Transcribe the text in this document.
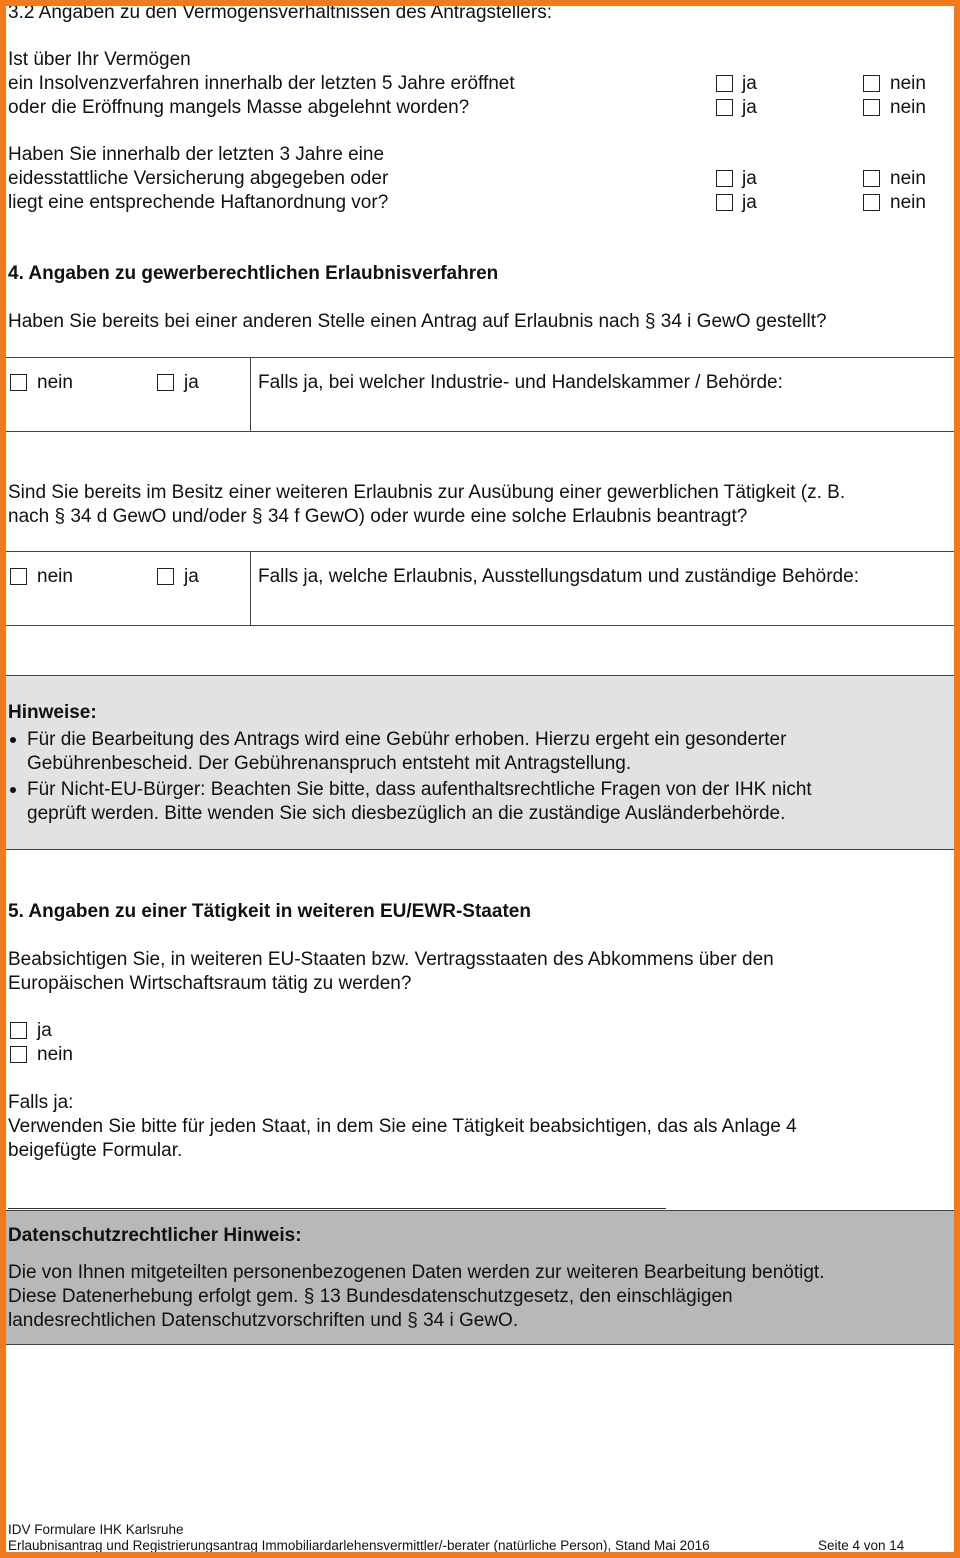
3.2 Angaben zu den Vermögensverhältnissen des Antragstellers:
Ist über Ihr Vermögen
ein Insolvenzverfahren innerhalb der letzten 5 Jahre eröffnet
oder die Eröffnung mangels Masse abgelehnt worden?
ja	nein
ja	nein
Haben Sie innerhalb der letzten 3 Jahre eine
eidesstattliche Versicherung abgegeben oder
liegt eine entsprechende Haftanordnung vor?
ja	nein
ja	nein
4. Angaben zu gewerberechtlichen Erlaubnisverfahren
Haben Sie bereits bei einer anderen Stelle einen Antrag auf Erlaubnis nach § 34 i GewO gestellt?
nein	ja	Falls ja, bei welcher Industrie- und Handelskammer / Behörde:
Sind Sie bereits im Besitz einer weiteren Erlaubnis zur Ausübung einer gewerblichen Tätigkeit (z. B.
nach § 34 d GewO und/oder § 34 f GewO) oder wurde eine solche Erlaubnis beantragt?
nein	ja	Falls ja, welche Erlaubnis, Ausstellungsdatum und zuständige Behörde:
Hinweise:
Für die Bearbeitung des Antrags wird eine Gebühr erhoben. Hierzu ergeht ein gesonderter
Gebührenbescheid. Der Gebührenanspruch entsteht mit Antragstellung.
Für Nicht-EU-Bürger: Beachten Sie bitte, dass aufenthaltsrechtliche Fragen von der IHK nicht
geprüft werden. Bitte wenden Sie sich diesbezüglich an die zuständige Ausländerbehörde.
5. Angaben zu einer Tätigkeit in weiteren EU/EWR-Staaten
Beabsichtigen Sie, in weiteren EU-Staaten bzw. Vertragsstaaten des Abkommens über den
Europäischen Wirtschaftsraum tätig zu werden?
ja
nein
Falls ja:
Verwenden Sie bitte für jeden Staat, in dem Sie eine Tätigkeit beabsichtigen, das als Anlage 4
beigefügte Formular.
Datenschutzrechtlicher Hinweis:
Die von Ihnen mitgeteilten personenbezogenen Daten werden zur weiteren Bearbeitung benötigt.
Diese Datenerhebung erfolgt gem. § 13 Bundesdatenschutzgesetz, den einschlägigen
landesrechtlichen Datenschutzvorschriften und § 34 i GewO.
IDV Formulare IHK Karlsruhe
Erlaubnisantrag und Registrierungsantrag Immobiliardarlehensvermittler/-berater (natürliche Person), Stand Mai 2016	Seite 4 von 14
